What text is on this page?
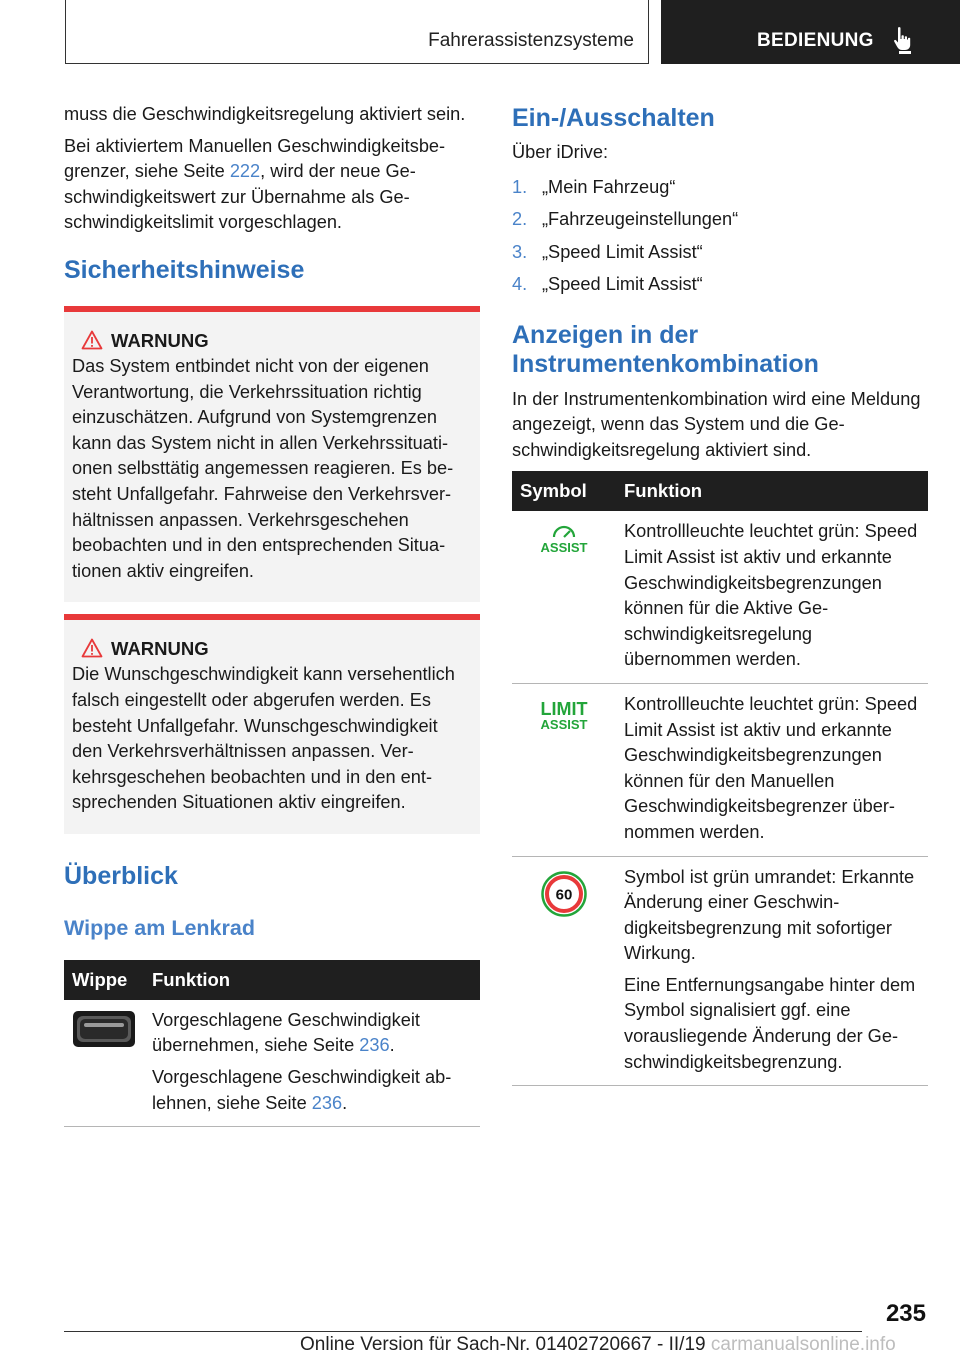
Fahrerassistenzsysteme	BEDIENUNG

muss die Geschwindigkeitsregelung aktiviert sein.

Bei aktiviertem Manuellen Geschwindigkeitsbegrenzer, siehe Seite 222, wird der neue Geschwindigkeitswert zur Übernahme als Geschwindigkeitslimit vorgeschlagen.

Sicherheitshinweise
WARNUNG

Das System entbindet nicht von der eigenen Verantwortung, die Verkehrssituation richtig einzuschätzen. Aufgrund von Systemgrenzen kann das System nicht in allen Verkehrssituationen selbsttätig angemessen reagieren. Es besteht Unfallgefahr. Fahrweise den Verkehrsverhältnissen anpassen. Verkehrsgeschehen beobachten und in den entsprechenden Situationen aktiv eingreifen.

WARNUNG

Die Wunschgeschwindigkeit kann versehentlich falsch eingestellt oder abgerufen werden. Es besteht Unfallgefahr. Wunschgeschwindigkeit den Verkehrsverhältnissen anpassen. Verkehrsgeschehen beobachten und in den entsprechenden Situationen aktiv eingreifen.

Überblick
Wippe am Lenkrad
Wippe	Funktion

Vorgeschlagene Geschwindigkeit übernehmen, siehe Seite 236.

Vorgeschlagene Geschwindigkeit ablehnen, siehe Seite 236.

Ein-/Ausschalten

Über iDrive:

1. „Mein Fahrzeug“
2. „Fahrzeugeinstellungen“
3. „Speed Limit Assist“
4. „Speed Limit Assist“
Anzeigen in der Instrumentenkombination

In der Instrumentenkombination wird eine Meldung angezeigt, wenn das System und die Geschwindigkeitsregelung aktiviert sind.

Symbol	Funktion

ASSIST	Kontrollleuchte leuchtet grün: Speed Limit Assist ist aktiv und erkannte Geschwindigkeitsbegrenzungen können für die Aktive Geschwindigkeitsregelung übernommen werden.

LIMIT
ASSIST	Kontrollleuchte leuchtet grün: Speed Limit Assist ist aktiv und erkannte Geschwindigkeitsbegrenzungen können für den Manuellen Geschwindigkeitsbegrenzer übernommen werden.

60	Symbol ist grün umrandet: Erkannte Änderung einer Geschwindigkeitsbegrenzung mit sofortiger Wirkung.

Eine Entfernungsangabe hinter dem Symbol signalisiert ggf. eine vorausliegende Änderung der Geschwindigkeitsbegrenzung.

235
Online Version für Sach-Nr. 01402720667 - II/19 carmanualsonline.info
